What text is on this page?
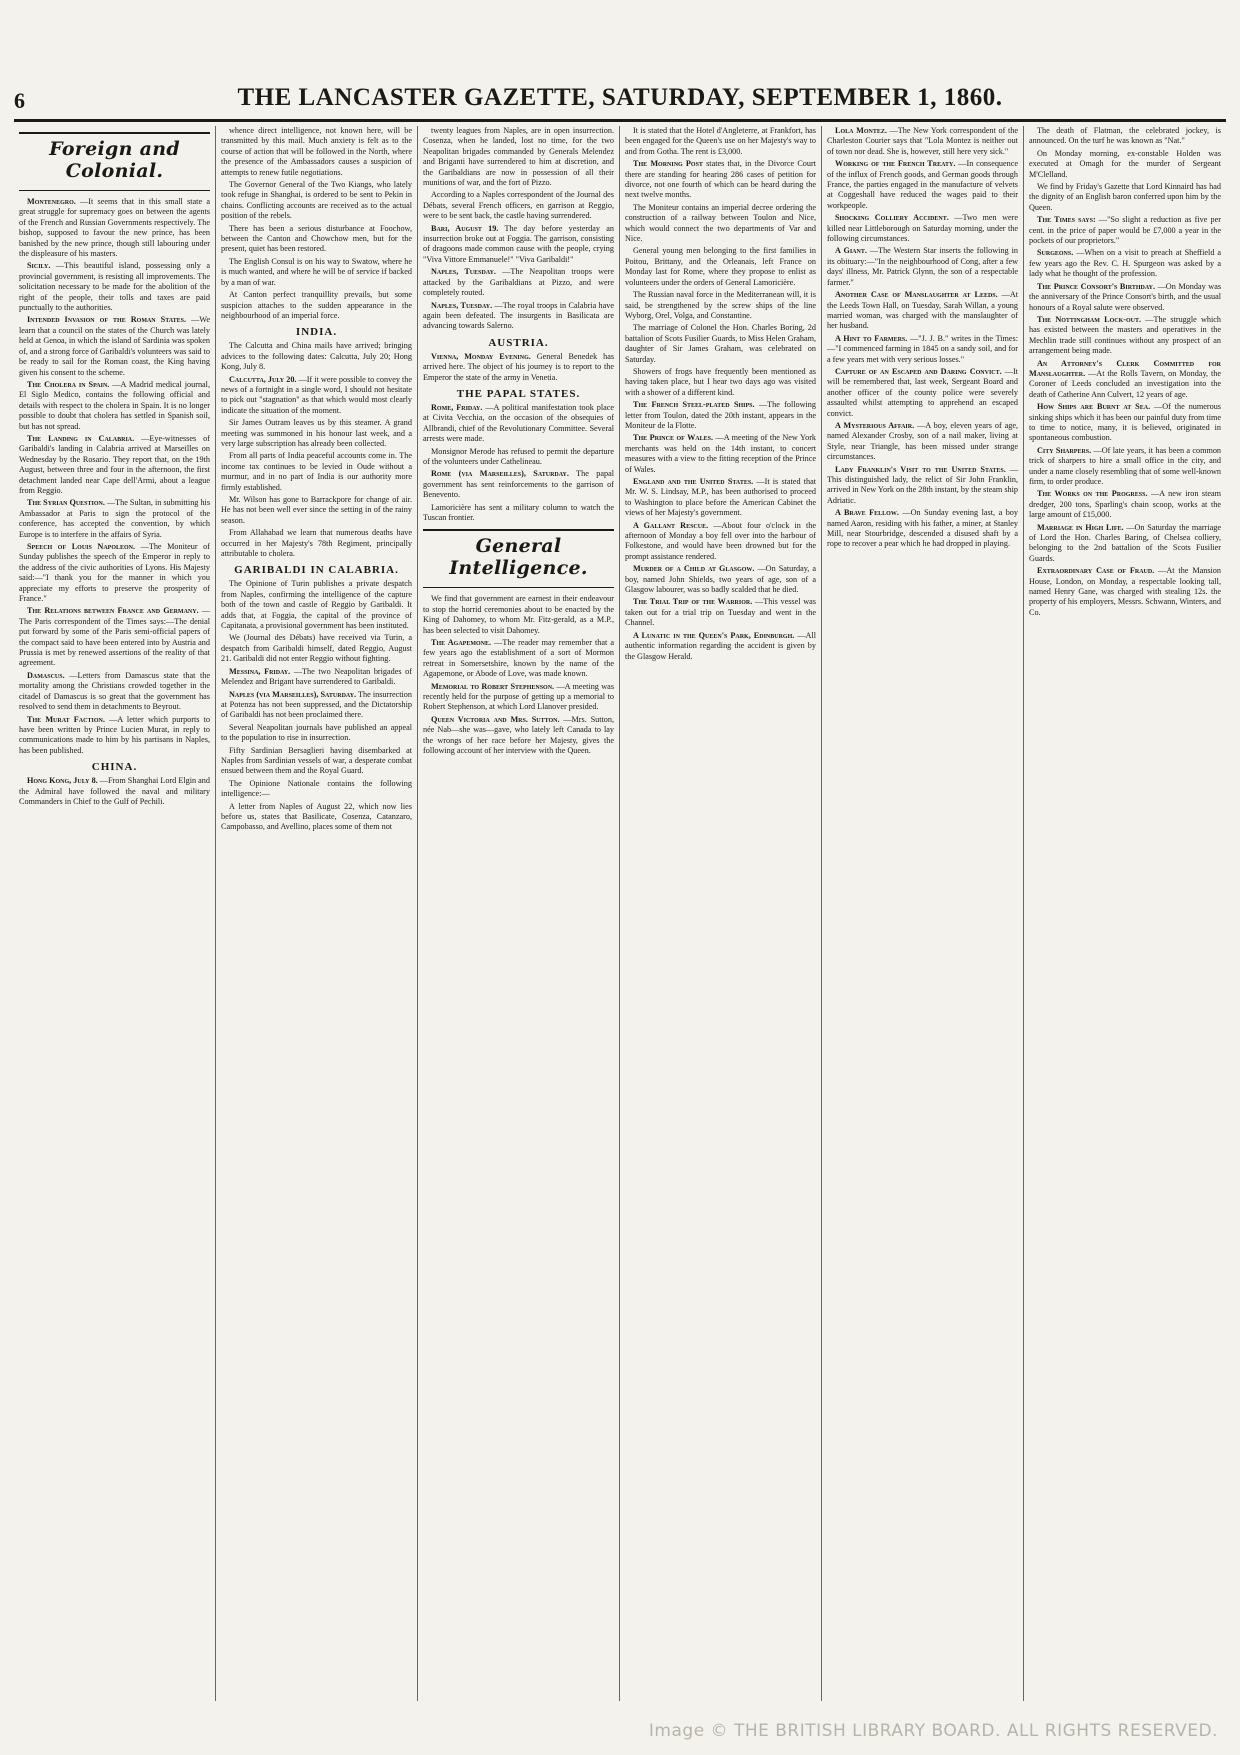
6	THE LANCASTER GAZETTE, SATURDAY, SEPTEMBER 1, 1860.
Foreign and Colonial.

Montenegro. —It seems that in this small state a great struggle for supremacy goes on between the agents of the French and Russian Governments respectively. The bishop, supposed to favour the new prince, has been banished by the new prince, though still labouring under the displeasure of his masters.

Sicily. —This beautiful island, possessing only a provincial government, is resisting all improvements. The solicitation necessary to be made for the abolition of the right of the people, their tolls and taxes are paid punctually to the authorities.

Intended Invasion of the Roman States. —We learn that a council on the states of the Church was lately held at Genoa, in which the island of Sardinia was spoken of, and a strong force of Garibaldi's volunteers was said to be ready to sail for the Roman coast, the King having given his consent to the scheme.

The Cholera in Spain. —A Madrid medical journal, El Siglo Medico, contains the following official and details with respect to the cholera in Spain. It is no longer possible to doubt that cholera has settled in Spanish soil, but has not spread.

The Landing in Calabria. —Eye-witnesses of Garibaldi's landing in Calabria arrived at Marseilles on Wednesday by the Rosario. They report that, on the 19th August, between three and four in the afternoon, the first detachment landed near Cape dell'Armi, about a league from Reggio.

The Syrian Question. —The Sultan, in submitting his Ambassador at Paris to sign the protocol of the conference, has accepted the convention, by which Europe is to interfere in the affairs of Syria.

Speech of Louis Napoleon. —The Moniteur of Sunday publishes the speech of the Emperor in reply to the address of the civic authorities of Lyons. His Majesty said:—"I thank you for the manner in which you appreciate my efforts to preserve the prosperity of France."

The Relations between France and Germany. —The Paris correspondent of the Times says:—The denial put forward by some of the Paris semi-official papers of the compact said to have been entered into by Austria and Prussia is met by renewed assertions of the reality of that agreement.

Damascus. —Letters from Damascus state that the mortality among the Christians crowded together in the citadel of Damascus is so great that the government has resolved to send them in detachments to Beyrout.

The Murat Faction. —A letter which purports to have been written by Prince Lucien Murat, in reply to communications made to him by his partisans in Naples, has been published.

CHINA.

Hong Kong, July 8. —From Shanghai Lord Elgin and the Admiral have followed the naval and military Commanders in Chief to the Gulf of Pechili.

whence direct intelligence, not known here, will be transmitted by this mail. Much anxiety is felt as to the course of action that will be followed in the North, where the presence of the Ambassadors causes a suspicion of attempts to renew futile negotiations.

The Governor General of the Two Kiangs, who lately took refuge in Shanghai, is ordered to be sent to Pekin in chains. Conflicting accounts are received as to the actual position of the rebels.

There has been a serious disturbance at Foochow, between the Canton and Chowchow men, but for the present, quiet has been restored.

The English Consul is on his way to Swatow, where he is much wanted, and where he will be of service if backed by a man of war.

At Canton perfect tranquillity prevails, but some suspicion attaches to the sudden appearance in the neighbourhood of an imperial force.

INDIA.

The Calcutta and China mails have arrived; bringing advices to the following dates: Calcutta, July 20; Hong Kong, July 8.

Calcutta, July 20. —If it were possible to convey the news of a fortnight in a single word, I should not hesitate to pick out "stagnation" as that which would most clearly indicate the situation of the moment.

Sir James Outram leaves us by this steamer. A grand meeting was summoned in his honour last week, and a very large subscription has already been collected.

From all parts of India peaceful accounts come in. The income tax continues to be levied in Oude without a murmur, and in no part of India is our authority more firmly established.

Mr. Wilson has gone to Barrackpore for change of air. He has not been well ever since the setting in of the rainy season.

From Allahabad we learn that numerous deaths have occurred in her Majesty's 78th Regiment, principally attributable to cholera.

GARIBALDI IN CALABRIA.

The Opinione of Turin publishes a private despatch from Naples, confirming the intelligence of the capture both of the town and castle of Reggio by Garibaldi. It adds that, at Foggia, the capital of the province of Capitanata, a provisional government has been instituted.

We (Journal des Débats) have received via Turin, a despatch from Garibaldi himself, dated Reggio, August 21. Garibaldi did not enter Reggio without fighting.

Messina, Friday. —The two Neapolitan brigades of Melendez and Brigant have surrendered to Garibaldi.

Naples (via Marseilles), Saturday. The insurrection at Potenza has not been suppressed, and the Dictatorship of Garibaldi has not been proclaimed there.

Several Neapolitan journals have published an appeal to the population to rise in insurrection.

Fifty Sardinian Bersaglieri having disembarked at Naples from Sardinian vessels of war, a desperate combat ensued between them and the Royal Guard.

The Opinione Nationale contains the following intelligence:—

A letter from Naples of August 22, which now lies before us, states that Basilicate, Cosenza, Catanzaro, Campobasso, and Avellino, places some of them not

twenty leagues from Naples, are in open insurrection. Cosenza, when he landed, lost no time, for the two Neapolitan brigades commanded by Generals Melendez and Briganti have surrendered to him at discretion, and the Garibaldians are now in possession of all their munitions of war, and the fort of Pizzo.

According to a Naples correspondent of the Journal des Débats, several French officers, en garrison at Reggio, were to be sent back, the castle having surrendered.

Bari, August 19. The day before yesterday an insurrection broke out at Foggia. The garrison, consisting of dragoons made common cause with the people, crying "Viva Vittore Emmanuele!" "Viva Garibaldi!"

Naples, Tuesday. —The Neapolitan troops were attacked by the Garibaldians at Pizzo, and were completely routed.

Naples, Tuesday. —The royal troops in Calabria have again been defeated. The insurgents in Basilicata are advancing towards Salerno.

AUSTRIA.

Vienna, Monday Evening. General Benedek has arrived here. The object of his journey is to report to the Emperor the state of the army in Venetia.

THE PAPAL STATES.

Rome, Friday. —A political manifestation took place at Civita Vecchia, on the occasion of the obsequies of Allbrandi, chief of the Revolutionary Committee. Several arrests were made.

Monsignor Merode has refused to permit the departure of the volunteers under Cathelineau.

Rome (via Marseilles), Saturday. The papal government has sent reinforcements to the garrison of Benevento.

Lamoricière has sent a military column to watch the Tuscan frontier.

General Intelligence.

We find that government are earnest in their endeavour to stop the horrid ceremonies about to be enacted by the King of Dahomey, to whom Mr. Fitz-gerald, as a M.P., has been selected to visit Dahomey.

The Agapemone. —The reader may remember that a few years ago the establishment of a sort of Mormon retreat in Somersetshire, known by the name of the Agapemone, or Abode of Love, was made known.

Memorial to Robert Stephenson. —A meeting was recently held for the purpose of getting up a memorial to Robert Stephenson, at which Lord Llanover presided.

Queen Victoria and Mrs. Sutton. —Mrs. Sutton, née Nab—she was—gave, who lately left Canada to lay the wrongs of her race before her Majesty, gives the following account of her interview with the Queen.

It is stated that the Hotel d'Angleterre, at Frankfort, has been engaged for the Queen's use on her Majesty's way to and from Gotha. The rent is £3,000.

The Morning Post states that, in the Divorce Court there are standing for hearing 286 cases of petition for divorce, not one fourth of which can be heard during the next twelve months.

The Moniteur contains an imperial decree ordering the construction of a railway between Toulon and Nice, which would connect the two departments of Var and Nice.

General young men belonging to the first families in Poitou, Brittany, and the Orleanais, left France on Monday last for Rome, where they propose to enlist as volunteers under the orders of General Lamoricière.

The Russian naval force in the Mediterranean will, it is said, be strengthened by the screw ships of the line Wyborg, Orel, Volga, and Constantine.

The marriage of Colonel the Hon. Charles Boring, 2d battalion of Scots Fusilier Guards, to Miss Helen Graham, daughter of Sir James Graham, was celebrated on Saturday.

Showers of frogs have frequently been mentioned as having taken place, but I hear two days ago was visited with a shower of a different kind.

The French Steel-plated Ships. —The following letter from Toulon, dated the 20th instant, appears in the Moniteur de la Flotte.

The Prince of Wales. —A meeting of the New York merchants was held on the 14th instant, to concert measures with a view to the fitting reception of the Prince of Wales.

England and the United States. —It is stated that Mr. W. S. Lindsay, M.P., has been authorised to proceed to Washington to place before the American Cabinet the views of her Majesty's government.

A Gallant Rescue. —About four o'clock in the afternoon of Monday a boy fell over into the harbour of Folkestone, and would have been drowned but for the prompt assistance rendered.

Murder of a Child at Glasgow. —On Saturday, a boy, named John Shields, two years of age, son of a Glasgow labourer, was so badly scalded that he died.

The Trial Trip of the Warrior. —This vessel was taken out for a trial trip on Tuesday and went in the Channel.

A Lunatic in the Queen's Park, Edinburgh. —All authentic information regarding the accident is given by the Glasgow Herald.

Lola Montez. —The New York correspondent of the Charleston Courier says that "Lola Montez is neither out of town nor dead. She is, however, still here very sick."

Working of the French Treaty. —In consequence of the influx of French goods, and German goods through France, the parties engaged in the manufacture of velvets at Coggeshall have reduced the wages paid to their workpeople.

Shocking Colliery Accident. —Two men were killed near Littleborough on Saturday morning, under the following circumstances.

A Giant. —The Western Star inserts the following in its obituary:—"In the neighbourhood of Cong, after a few days' illness, Mr. Patrick Glynn, the son of a respectable farmer."

Another Case of Manslaughter at Leeds. —At the Leeds Town Hall, on Tuesday, Sarah Willan, a young married woman, was charged with the manslaughter of her husband.

A Hint to Farmers. —"J. J. B." writes in the Times:—"I commenced farming in 1845 on a sandy soil, and for a few years met with very serious losses."

Capture of an Escaped and Daring Convict. —It will be remembered that, last week, Sergeant Board and another officer of the county police were severely assaulted whilst attempting to apprehend an escaped convict.

A Mysterious Affair. —A boy, eleven years of age, named Alexander Crosby, son of a nail maker, living at Style, near Triangle, has been missed under strange circumstances.

Lady Franklin's Visit to the United States. —This distinguished lady, the relict of Sir John Franklin, arrived in New York on the 28th instant, by the steam ship Adriatic.

A Brave Fellow. —On Sunday evening last, a boy named Aaron, residing with his father, a miner, at Stanley Mill, near Stourbridge, descended a disused shaft by a rope to recover a pear which he had dropped in playing.

The death of Flatman, the celebrated jockey, is announced. On the turf he was known as "Nat."

On Monday morning, ex-constable Holden was executed at Omagh for the murder of Sergeant M'Clelland.

We find by Friday's Gazette that Lord Kinnaird has had the dignity of an English baron conferred upon him by the Queen.

The Times says: —"So slight a reduction as five per cent. in the price of paper would be £7,000 a year in the pockets of our proprietors."

Surgeons. —When on a visit to preach at Sheffield a few years ago the Rev. C. H. Spurgeon was asked by a lady what he thought of the profession.

The Prince Consort's Birthday. —On Monday was the anniversary of the Prince Consort's birth, and the usual honours of a Royal salute were observed.

The Nottingham Lock-out. —The struggle which has existed between the masters and operatives in the Mechlin trade still continues without any prospect of an arrangement being made.

An Attorney's Clerk Committed for Manslaughter. —At the Rolls Tavern, on Monday, the Coroner of Leeds concluded an investigation into the death of Catherine Ann Culvert, 12 years of age.

How Ships are Burnt at Sea. —Of the numerous sinking ships which it has been our painful duty from time to time to notice, many, it is believed, originated in spontaneous combustion.

City Sharpers. —Of late years, it has been a common trick of sharpers to hire a small office in the city, and under a name closely resembling that of some well-known firm, to order produce.

The Works on the Progress. —A new iron steam dredger, 200 tons, Sparling's chain scoop, works at the large amount of £15,000.

Marriage in High Life. —On Saturday the marriage of Lord the Hon. Charles Baring, of Chelsea colliery, belonging to the 2nd battalion of the Scots Fusilier Guards.

Extraordinary Case of Fraud. —At the Mansion House, London, on Monday, a respectable looking tall, named Henry Gane, was charged with stealing 12s. the property of his employers, Messrs. Schwann, Winters, and Co.

Image © THE BRITISH LIBRARY BOARD. ALL RIGHTS RESERVED.
